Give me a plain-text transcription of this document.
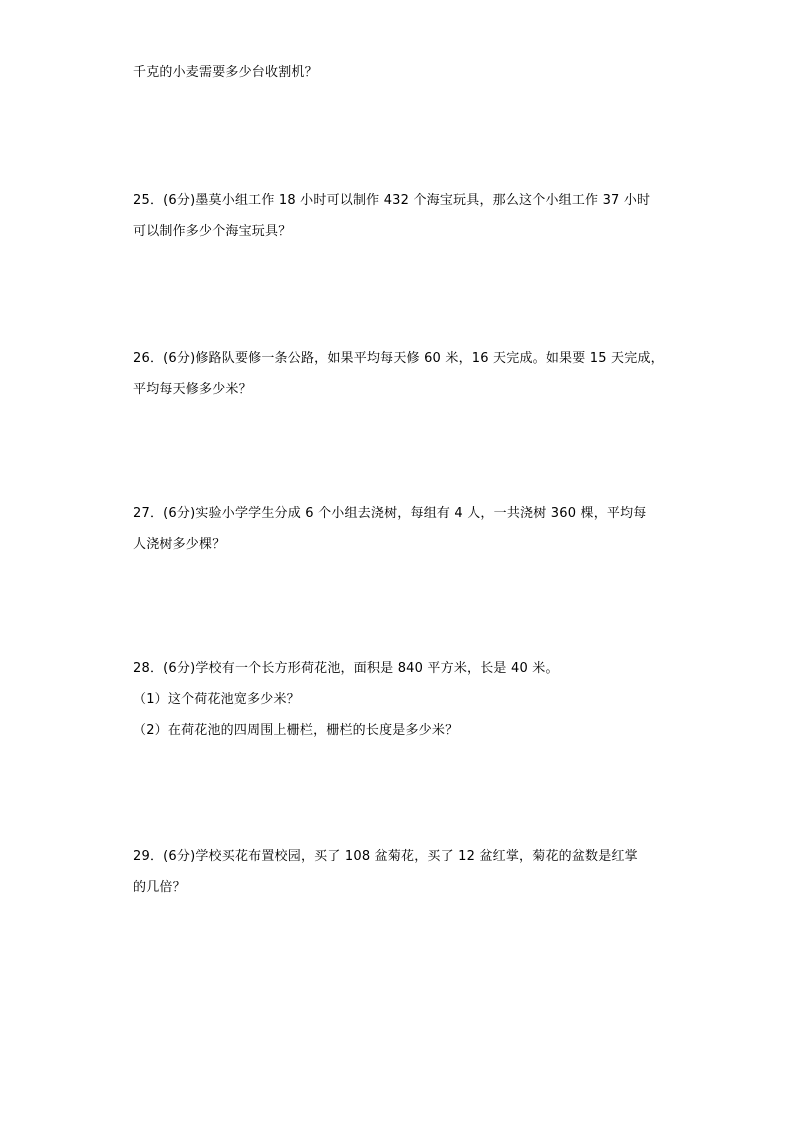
千克的小麦需要多少台收割机？
25．(6分)墨莫小组工作 18 小时可以制作 432 个海宝玩具，那么这个小组工作 37 小时
可以制作多少个海宝玩具？
26．(6分)修路队要修一条公路，如果平均每天修 60 米，16 天完成。如果要 15 天完成，
平均每天修多少米？
27．(6分)实验小学学生分成 6 个小组去浇树，每组有 4 人，一共浇树 360 棵，平均每
人浇树多少棵？
28．(6分)学校有一个长方形荷花池，面积是 840 平方米，长是 40 米。
（1）这个荷花池宽多少米？
（2）在荷花池的四周围上栅栏，栅栏的长度是多少米？
29．(6分)学校买花布置校园，买了 108 盆菊花，买了 12 盆红掌，菊花的盆数是红掌
的几倍？
